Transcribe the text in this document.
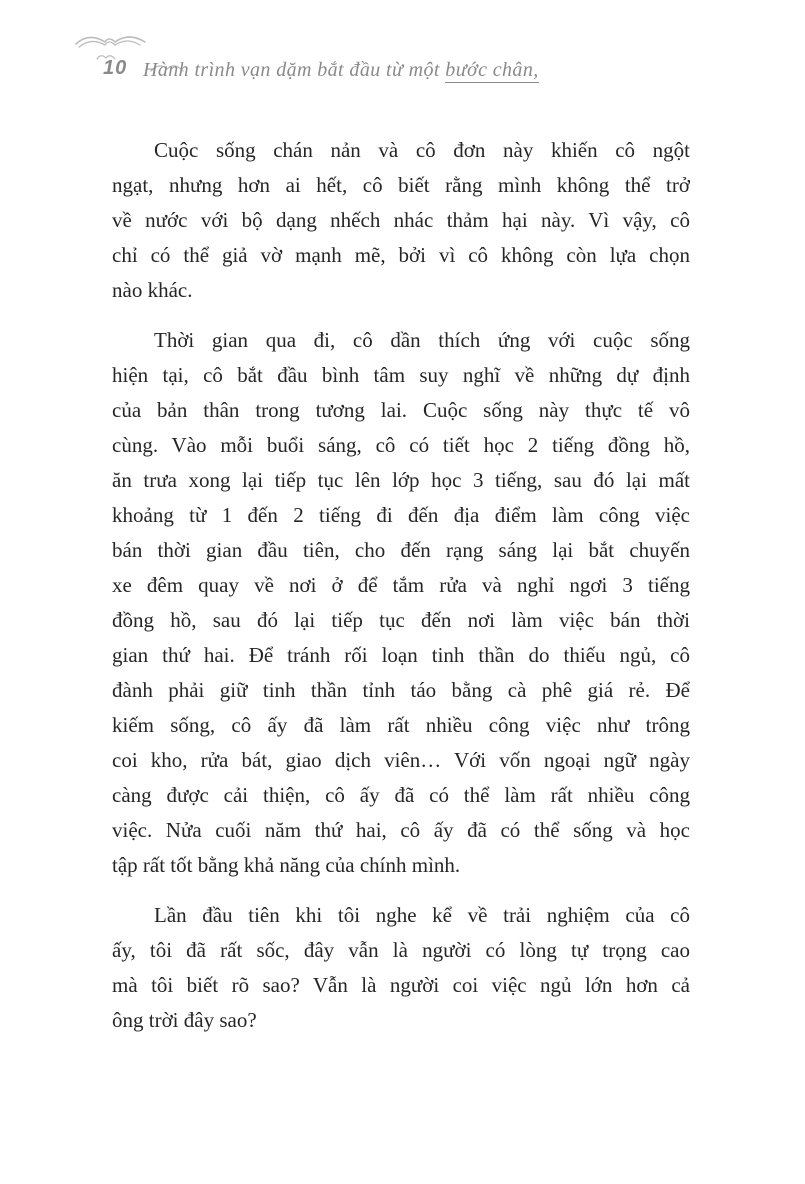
10 Hành trình vạn dặm bắt đầu từ một bước chân,
Cuộc sống chán nản và cô đơn này khiến cô ngột
ngạt, nhưng hơn ai hết, cô biết rằng mình không thể trở
về nước với bộ dạng nhếch nhác thảm hại này. Vì vậy, cô
chỉ có thể giả vờ mạnh mẽ, bởi vì cô không còn lựa chọn
nào khác.
Thời gian qua đi, cô dần thích ứng với cuộc sống
hiện tại, cô bắt đầu bình tâm suy nghĩ về những dự định
của bản thân trong tương lai. Cuộc sống này thực tế vô
cùng. Vào mỗi buổi sáng, cô có tiết học 2 tiếng đồng hồ,
ăn trưa xong lại tiếp tục lên lớp học 3 tiếng, sau đó lại mất
khoảng từ 1 đến 2 tiếng đi đến địa điểm làm công việc
bán thời gian đầu tiên, cho đến rạng sáng lại bắt chuyến
xe đêm quay về nơi ở để tắm rửa và nghỉ ngơi 3 tiếng
đồng hồ, sau đó lại tiếp tục đến nơi làm việc bán thời
gian thứ hai. Để tránh rối loạn tinh thần do thiếu ngủ, cô
đành phải giữ tinh thần tỉnh táo bằng cà phê giá rẻ. Để
kiếm sống, cô ấy đã làm rất nhiều công việc như trông
coi kho, rửa bát, giao dịch viên… Với vốn ngoại ngữ ngày
càng được cải thiện, cô ấy đã có thể làm rất nhiều công
việc. Nửa cuối năm thứ hai, cô ấy đã có thể sống và học
tập rất tốt bằng khả năng của chính mình.
Lần đầu tiên khi tôi nghe kể về trải nghiệm của cô
ấy, tôi đã rất sốc, đây vẫn là người có lòng tự trọng cao
mà tôi biết rõ sao? Vẫn là người coi việc ngủ lớn hơn cả
ông trời đây sao?
